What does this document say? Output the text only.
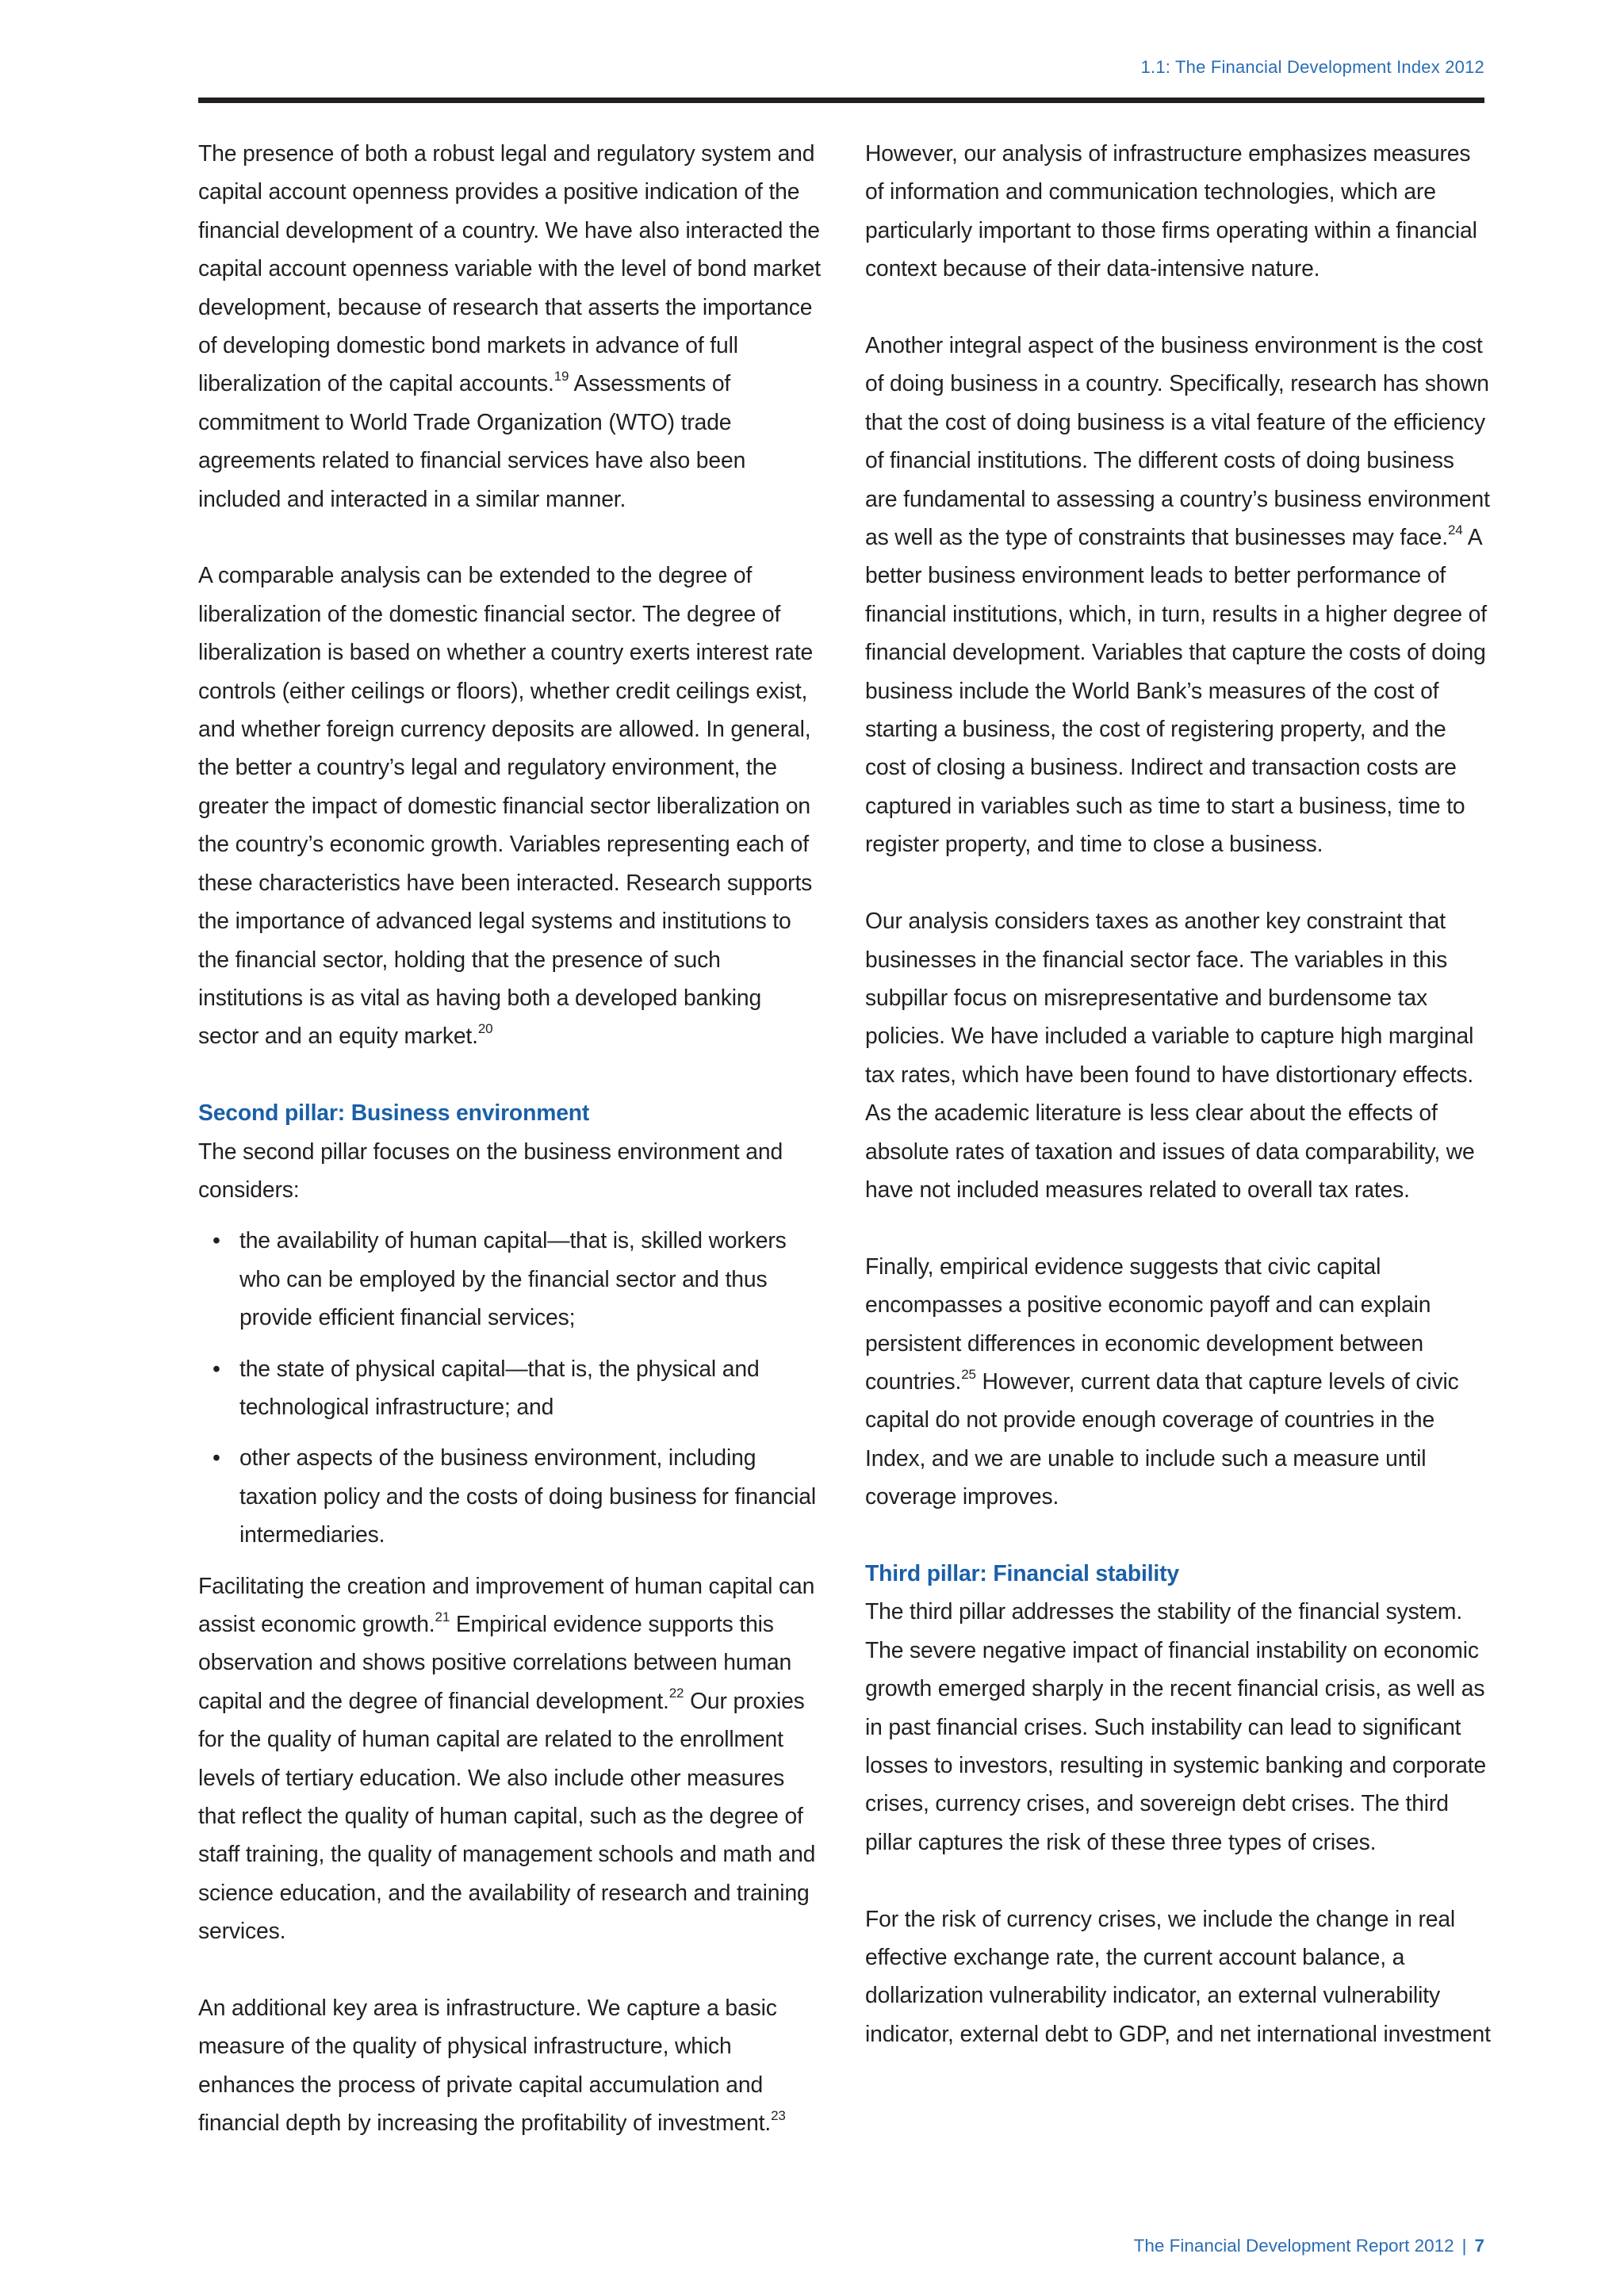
1.1: The Financial Development Index 2012

The presence of both a robust legal and regulatory system and capital account openness provides a positive indication of the financial development of a country. We have also interacted the capital account openness variable with the level of bond market development, because of research that asserts the importance of developing domestic bond markets in advance of full liberalization of the capital accounts.$^{19}$ Assessments of commitment to World Trade Organization (WTO) trade agreements related to financial services have also been included and interacted in a similar manner.

A comparable analysis can be extended to the degree of liberalization of the domestic financial sector. The degree of liberalization is based on whether a country exerts interest rate controls (either ceilings or floors), whether credit ceilings exist, and whether foreign currency deposits are allowed. In general, the better a country’s legal and regulatory environment, the greater the impact of domestic financial sector liberalization on the country’s economic growth. Variables representing each of these characteristics have been interacted. Research supports the importance of advanced legal systems and institutions to the financial sector, holding that the presence of such institutions is as vital as having both a developed banking sector and an equity market.$^{20}$

Second pillar: Business environment

The second pillar focuses on the business environment and considers:

• the availability of human capital—that is, skilled workers who can be employed by the financial sector and thus provide efficient financial services;
• the state of physical capital—that is, the physical and technological infrastructure; and
• other aspects of the business environment, including taxation policy and the costs of doing business for financial intermediaries.

Facilitating the creation and improvement of human capital can assist economic growth.$^{21}$ Empirical evidence supports this observation and shows positive correlations between human capital and the degree of financial development.$^{22}$ Our proxies for the quality of human capital are related to the enrollment levels of tertiary education. We also include other measures that reflect the quality of human capital, such as the degree of staff training, the quality of management schools and math and science education, and the availability of research and training services.

An additional key area is infrastructure. We capture a basic measure of the quality of physical infrastructure, which enhances the process of private capital accumulation and financial depth by increasing the profitability of investment.$^{23}$

However, our analysis of infrastructure emphasizes measures of information and communication technologies, which are particularly important to those firms operating within a financial context because of their data-intensive nature.

Another integral aspect of the business environment is the cost of doing business in a country. Specifically, research has shown that the cost of doing business is a vital feature of the efficiency of financial institutions. The different costs of doing business are fundamental to assessing a country’s business environment as well as the type of constraints that businesses may face.$^{24}$ A better business environment leads to better performance of financial institutions, which, in turn, results in a higher degree of financial development. Variables that capture the costs of doing business include the World Bank’s measures of the cost of starting a business, the cost of registering property, and the cost of closing a business. Indirect and transaction costs are captured in variables such as time to start a business, time to register property, and time to close a business.

Our analysis considers taxes as another key constraint that businesses in the financial sector face. The variables in this subpillar focus on misrepresentative and burdensome tax policies. We have included a variable to capture high marginal tax rates, which have been found to have distortionary effects. As the academic literature is less clear about the effects of absolute rates of taxation and issues of data comparability, we have not included measures related to overall tax rates.

Finally, empirical evidence suggests that civic capital encompasses a positive economic payoff and can explain persistent differences in economic development between countries.$^{25}$ However, current data that capture levels of civic capital do not provide enough coverage of countries in the Index, and we are unable to include such a measure until coverage improves.

Third pillar: Financial stability

The third pillar addresses the stability of the financial system. The severe negative impact of financial instability on economic growth emerged sharply in the recent financial crisis, as well as in past financial crises. Such instability can lead to significant losses to investors, resulting in systemic banking and corporate crises, currency crises, and sovereign debt crises. The third pillar captures the risk of these three types of crises.

For the risk of currency crises, we include the change in real effective exchange rate, the current account balance, a dollarization vulnerability indicator, an external vulnerability indicator, external debt to GDP, and net international investment

The Financial Development Report 2012 | 7
